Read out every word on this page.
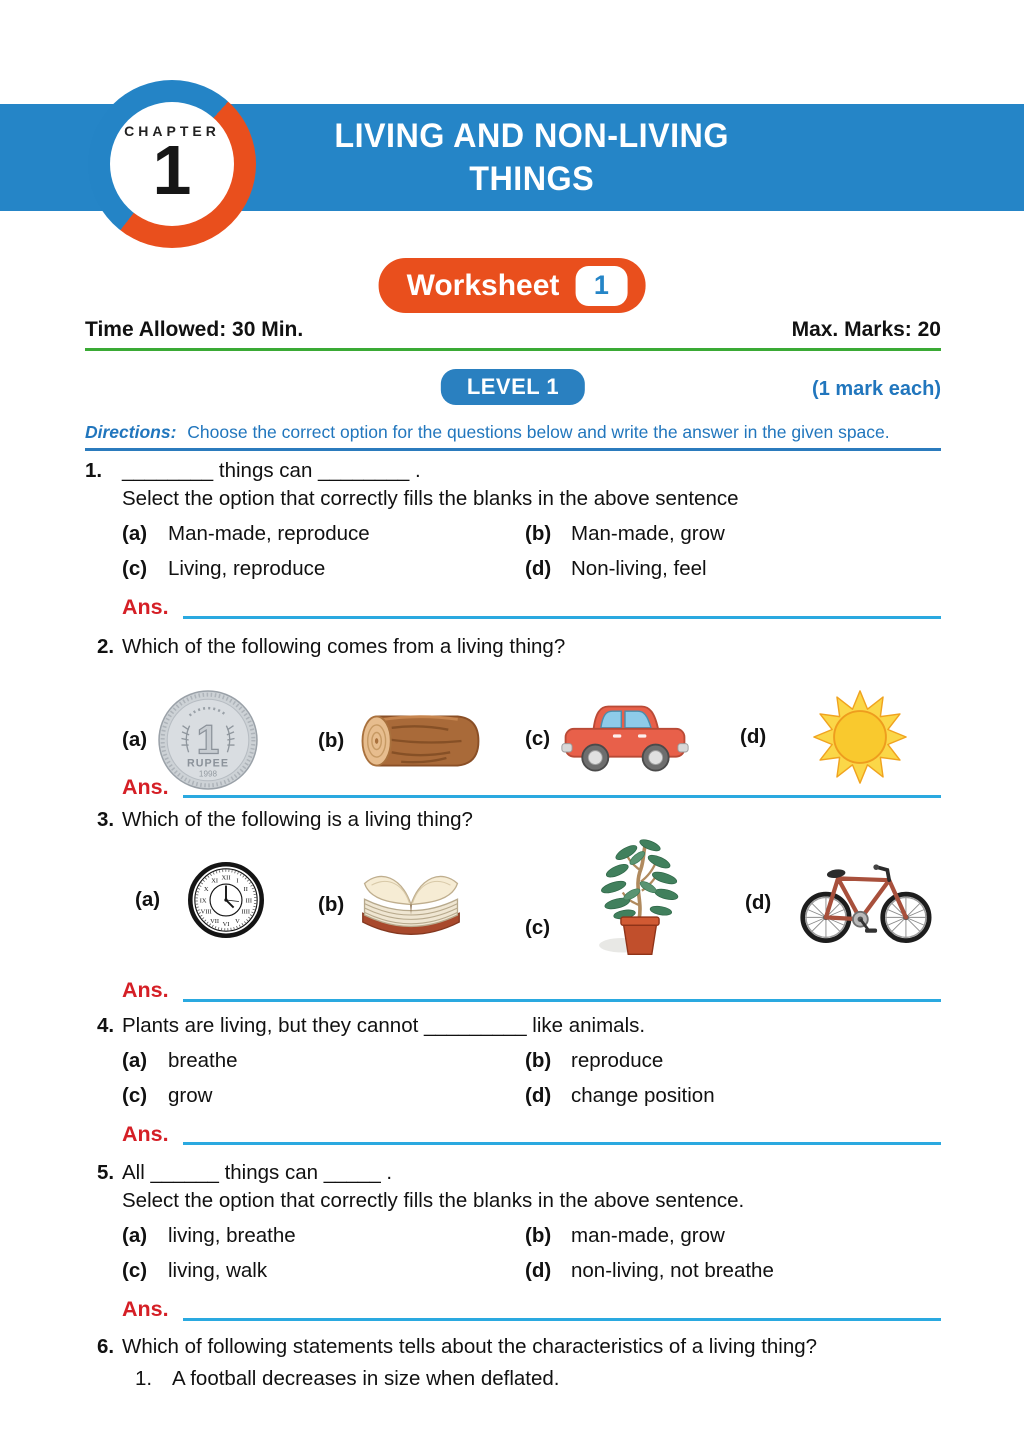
CHAPTER
1	LIVING AND NON-LIVING
THINGS
Worksheet	1
Time Allowed: 30 Min.	Max. Marks: 20
LEVEL 1	(1 mark each)
Directions: Choose the correct option for the questions below and write the answer in the given space.
1. ________ things can ________ .
Select the option that correctly fills the blanks in the above sentence
(a)	Man-made, reproduce	(b) Man-made, grow
(c)	Living, reproduce	(d) Non-living, feel
Ans.
2. Which of the following comes from a living thing?
(a) 1
RUPEE
1998
(b)	(c)	(d)
Ans.
3. Which of the following is a living thing?
(a)
XII I
II
III
IIII
V
VI
VII
VIII
IX
X
XI
(b)
(c)
(d)
Ans.
4. Plants are living, but they cannot _________ like animals.
(a)	breathe	(b) reproduce
(c)	grow	(d) change position
Ans.
5. All ______ things can _____ .
Select the option that correctly fills the blanks in the above sentence.
(a)	living, breathe	(b) man-made, grow
(c)	living, walk	(d) non-living, not breathe
Ans.
6. Which of following statements tells about the characteristics of a living thing?
1. A football decreases in size when deflated.
